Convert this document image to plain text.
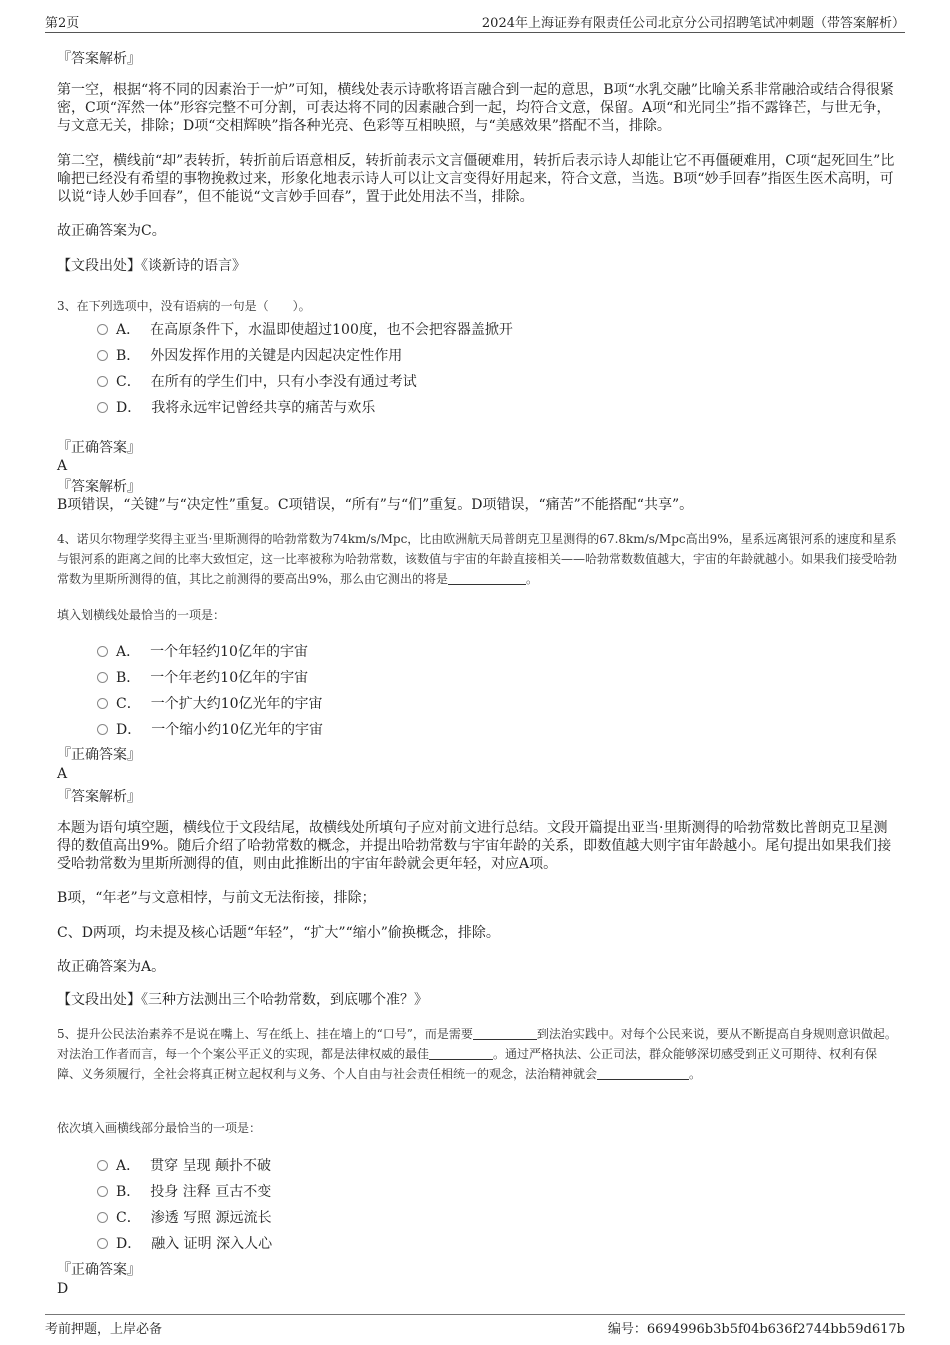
第2页	2024年上海证券有限责任公司北京分公司招聘笔试冲刺题（带答案解析）

『答案解析』

第一空，根据“将不同的因素治于一炉”可知，横线处表示诗歌将语言融合到一起的意思，B项“水乳交融”比喻关系非常融洽或结合得很紧密，C项“浑然一体”形容完整不可分割，可表达将不同的因素融合到一起，均符合文意，保留。A项“和光同尘”指不露锋芒，与世无争，与文意无关，排除；D项“交相辉映”指各种光亮、色彩等互相映照，与“美感效果”搭配不当，排除。

第二空，横线前“却”表转折，转折前后语意相反，转折前表示文言僵硬难用，转折后表示诗人却能让它不再僵硬难用，C项“起死回生”比喻把已经没有希望的事物挽救过来，形象化地表示诗人可以让文言变得好用起来，符合文意，当选。B项“妙手回春”指医生医术高明，可以说“诗人妙手回春”，但不能说“文言妙手回春”，置于此处用法不当，排除。

故正确答案为C。

【文段出处】《谈新诗的语言》

3、在下列选项中，没有语病的一句是（　　）。

A． 在高原条件下，水温即使超过100度，也不会把容器盖掀开
B． 外因发挥作用的关键是内因起决定性作用
C． 在所有的学生们中，只有小李没有通过考试
D． 我将永远牢记曾经共享的痛苦与欢乐

『正确答案』

A

『答案解析』

B项错误，“关键”与“决定性”重复。C项错误，“所有”与“们”重复。D项错误，“痛苦”不能搭配“共享”。

4、诺贝尔物理学奖得主亚当·里斯测得的哈勃常数为74km/s/Mpc，比由欧洲航天局普朗克卫星测得的67.8km/s/Mpc高出9%，星系远离银河系的速度和星系与银河系的距离之间的比率大致恒定，这一比率被称为哈勃常数，该数值与宇宙的年龄直接相关——哈勃常数数值越大，宇宙的年龄就越小。如果我们接受哈勃常数为里斯所测得的值，其比之前测得的要高出9%，那么由它测出的将是	。

填入划横线处最恰当的一项是：

A． 一个年轻约10亿年的宇宙
B． 一个年老约10亿年的宇宙
C． 一个扩大约10亿光年的宇宙
D． 一个缩小约10亿光年的宇宙

『正确答案』

A

『答案解析』

本题为语句填空题，横线位于文段结尾，故横线处所填句子应对前文进行总结。文段开篇提出亚当·里斯测得的哈勃常数比普朗克卫星测得的数值高出9%。随后介绍了哈勃常数的概念，并提出哈勃常数与宇宙年龄的关系，即数值越大则宇宙年龄越小。尾句提出如果我们接受哈勃常数为里斯所测得的值，则由此推断出的宇宙年龄就会更年轻，对应A项。

B项，“年老”与文意相悖，与前文无法衔接，排除；

C、D两项，均未提及核心话题“年轻”，“扩大”“缩小”偷换概念，排除。

故正确答案为A。

【文段出处】《三种方法测出三个哈勃常数，到底哪个准？》

5、提升公民法治素养不是说在嘴上、写在纸上、挂在墙上的“口号”，而是需要	到法治实践中。对每个公民来说，要从不断提高自身规则意识做起。对法治工作者而言，每一个个案公平正义的实现，都是法律权威的最佳	。通过严格执法、公正司法，群众能够深切感受到正义可期待、权利有保障、义务须履行，全社会将真正树立起权利与义务、个人自由与社会责任相统一的观念，法治精神就会	。

依次填入画横线部分最恰当的一项是：

A． 贯穿 呈现 颠扑不破
B． 投身 注释 亘古不变
C． 渗透 写照 源远流长
D． 融入 证明 深入人心

『正确答案』

D

考前押题，上岸必备	编号：6694996b3b5f04b636f2744bb59d617b
